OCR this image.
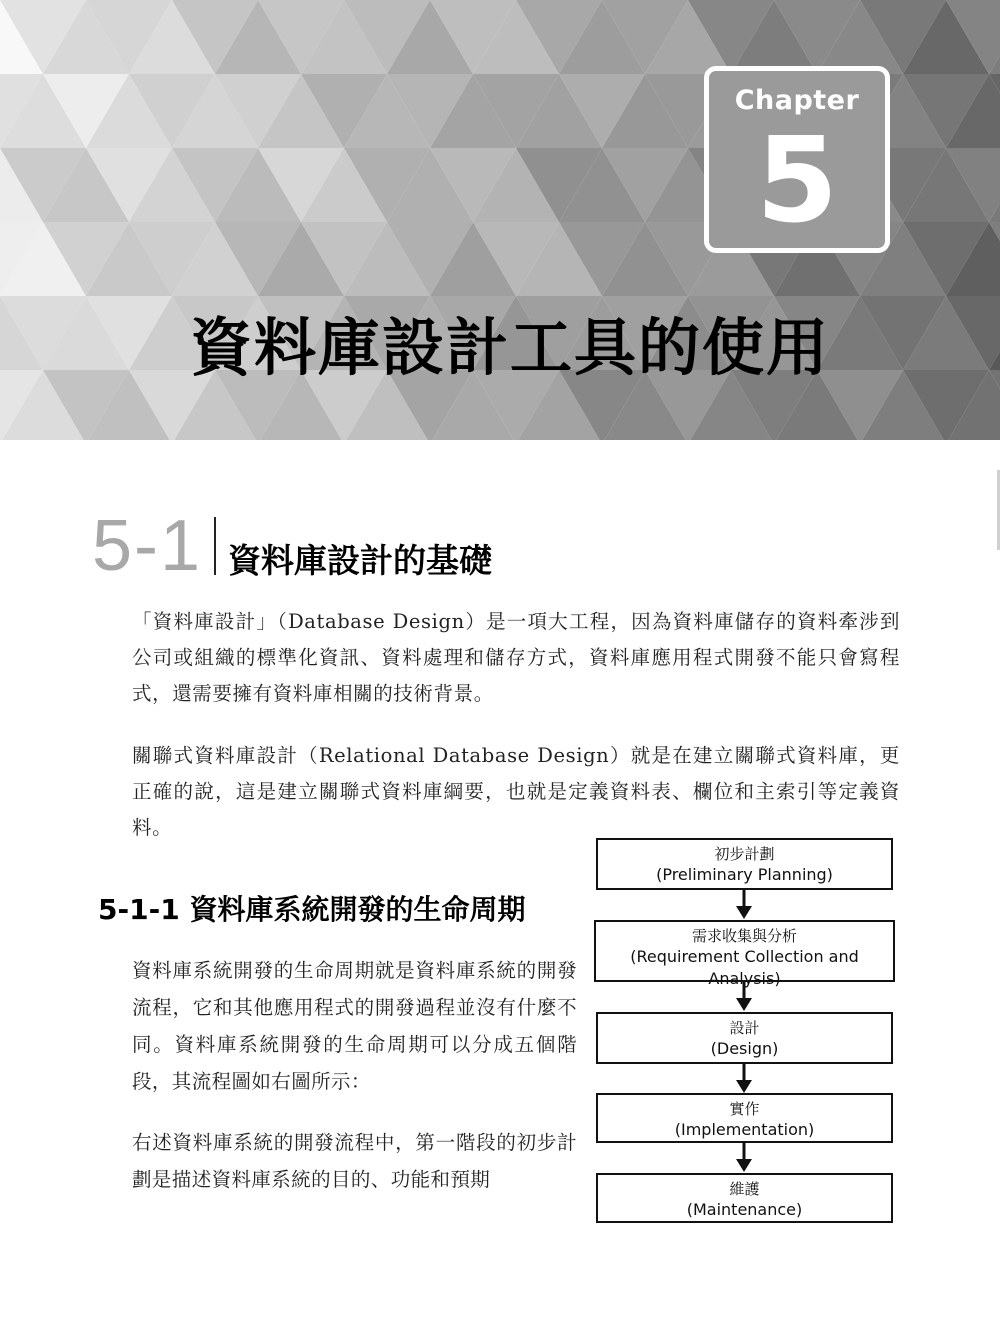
Chapter
5
資料庫設計工具的使用
5-1 資料庫設計的基礎
「資料庫設計」（Database Design）是一項大工程，因為資料庫儲存的資料牽涉到公司或組織的標準化資訊、資料處理和儲存方式，資料庫應用程式開發不能只會寫程式，還需要擁有資料庫相關的技術背景。
關聯式資料庫設計（Relational Database Design）就是在建立關聯式資料庫，更正確的說，這是建立關聯式資料庫綱要，也就是定義資料表、欄位和主索引等定義資料。
5-1-1 資料庫系統開發的生命周期
資料庫系統開發的生命周期就是資料庫系統的開發流程，它和其他應用程式的開發過程並沒有什麼不同。資料庫系統開發的生命周期可以分成五個階段，其流程圖如右圖所示：
右述資料庫系統的開發流程中，第一階段的初步計劃是描述資料庫系統的目的、功能和預期
初步計劃
(Preliminary Planning)
需求收集與分析
(Requirement Collection and Analysis)
設計
(Design)
實作
(Implementation)
維護
(Maintenance)
